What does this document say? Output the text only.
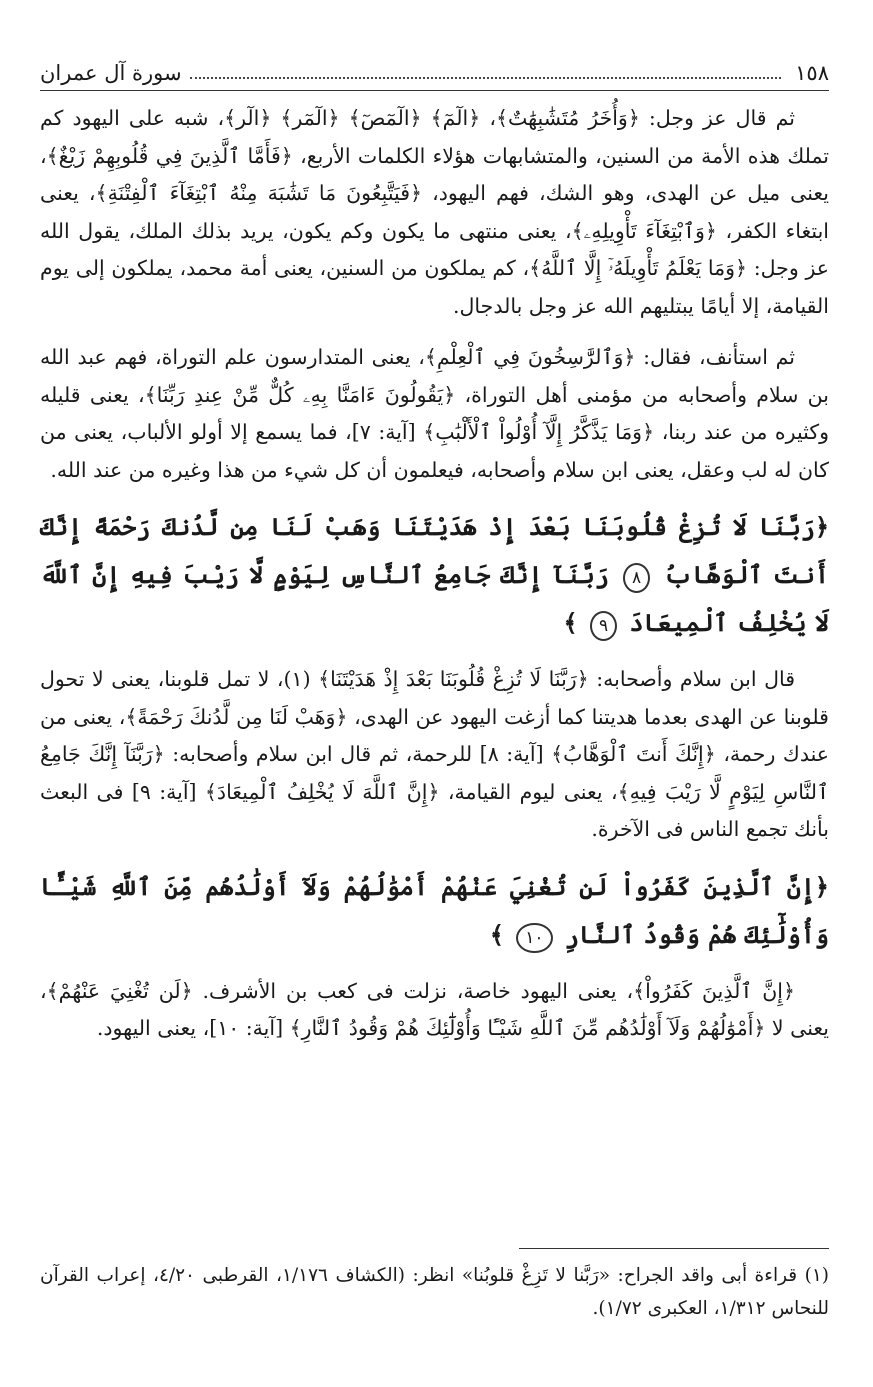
١٥٨
سورة آل عمران

ثم قال عز وجل: ﴿وَأُخَرُ مُتَشَٰبِهَٰتٌ﴾، ﴿الٓمٓ﴾ ﴿الٓمٓصٓ﴾ ﴿الٓمٓر﴾ ﴿الٓر﴾، شبه على اليهود كم تملك هذه الأمة من السنين، والمتشابهات هؤلاء الكلمات الأربع، ﴿فَأَمَّا ٱلَّذِينَ فِي قُلُوبِهِمْ زَيْغٌ﴾، يعنى ميل عن الهدى، وهو الشك، فهم اليهود، ﴿فَيَتَّبِعُونَ مَا تَشَٰبَهَ مِنْهُ ٱبْتِغَآءَ ٱلْفِتْنَةِ﴾، يعنى ابتغاء الكفر، ﴿وَٱبْتِغَآءَ تَأْوِيلِهِۦ﴾، يعنى منتهى ما يكون وكم يكون، يريد بذلك الملك، يقول الله عز وجل: ﴿وَمَا يَعْلَمُ تَأْوِيلَهُۥٓ إِلَّا ٱللَّهُ﴾، كم يملكون من السنين، يعنى أمة محمد، يملكون إلى يوم القيامة، إلا أيامًا يبتليهم الله عز وجل بالدجال.

ثم استأنف، فقال: ﴿وَٱلرَّٰسِخُونَ فِي ٱلْعِلْمِ﴾، يعنى المتدارسون علم التوراة، فهم عبد الله بن سلام وأصحابه من مؤمنى أهل التوراة، ﴿يَقُولُونَ ءَامَنَّا بِهِۦ كُلٌّ مِّنْ عِندِ رَبِّنَا﴾، يعنى قليله وكثيره من عند ربنا، ﴿وَمَا يَذَّكَّرُ إِلَّآ أُوْلُواْ ٱلْأَلْبَٰبِ﴾ [آية: ٧]، فما يسمع إلا أولو الألباب، يعنى من كان له لب وعقل، يعنى ابن سلام وأصحابه، فيعلمون أن كل شيء من هذا وغيره من عند الله.

﴿رَبَّنَا لَا تُزِغْ قُلُوبَنَا بَعْدَ إِذْ هَدَيْتَنَا وَهَبْ لَنَا مِن لَّدُنكَ رَحْمَةً إِنَّكَ أَنتَ ٱلْوَهَّابُ ٨ رَبَّنَآ إِنَّكَ جَامِعُ ٱلنَّاسِ لِيَوْمٍ لَّا رَيْبَ فِيهِ إِنَّ ٱللَّهَ لَا يُخْلِفُ ٱلْمِيعَادَ ٩ ﴾

قال ابن سلام وأصحابه: ﴿رَبَّنَا لَا تُزِغْ قُلُوبَنَا بَعْدَ إِذْ هَدَيْتَنَا﴾ (١)، لا تمل قلوبنا، يعنى لا تحول قلوبنا عن الهدى بعدما هديتنا كما أزغت اليهود عن الهدى، ﴿وَهَبْ لَنَا مِن لَّدُنكَ رَحْمَةً﴾، يعنى من عندك رحمة، ﴿إِنَّكَ أَنتَ ٱلْوَهَّابُ﴾ [آية: ٨] للرحمة، ثم قال ابن سلام وأصحابه: ﴿رَبَّنَآ إِنَّكَ جَامِعُ ٱلنَّاسِ لِيَوْمٍ لَّا رَيْبَ فِيهِ﴾، يعنى ليوم القيامة، ﴿إِنَّ ٱللَّهَ لَا يُخْلِفُ ٱلْمِيعَادَ﴾ [آية: ٩] فى البعث بأنك تجمع الناس فى الآخرة.

﴿إِنَّ ٱلَّذِينَ كَفَرُواْ لَن تُغْنِيَ عَنْهُمْ أَمْوَٰلُهُمْ وَلَآ أَوْلَٰدُهُم مِّنَ ٱللَّهِ شَيْـًٔا وَأُوْلَٰٓئِكَ هُمْ وَقُودُ ٱلنَّارِ ١٠ ﴾

﴿إِنَّ ٱلَّذِينَ كَفَرُواْ﴾، يعنى اليهود خاصة، نزلت فى كعب بن الأشرف. ﴿لَن تُغْنِيَ عَنْهُمْ﴾، يعنى لا ﴿أَمْوَٰلُهُمْ وَلَآ أَوْلَٰدُهُم مِّنَ ٱللَّهِ شَيْـًٔا وَأُوْلَٰٓئِكَ هُمْ وَقُودُ ٱلنَّارِ﴾ [آية: ١٠]، يعنى اليهود.

(١) قراءة أبى واقد الجراح: «رَبَّنا لا تَزِغْ قلوبُنا» انظر: (الكشاف ١/١٧٦، القرطبى ٤/٢٠، إعراب القرآن للنحاس ١/٣١٢، العكبرى ١/٧٢).
